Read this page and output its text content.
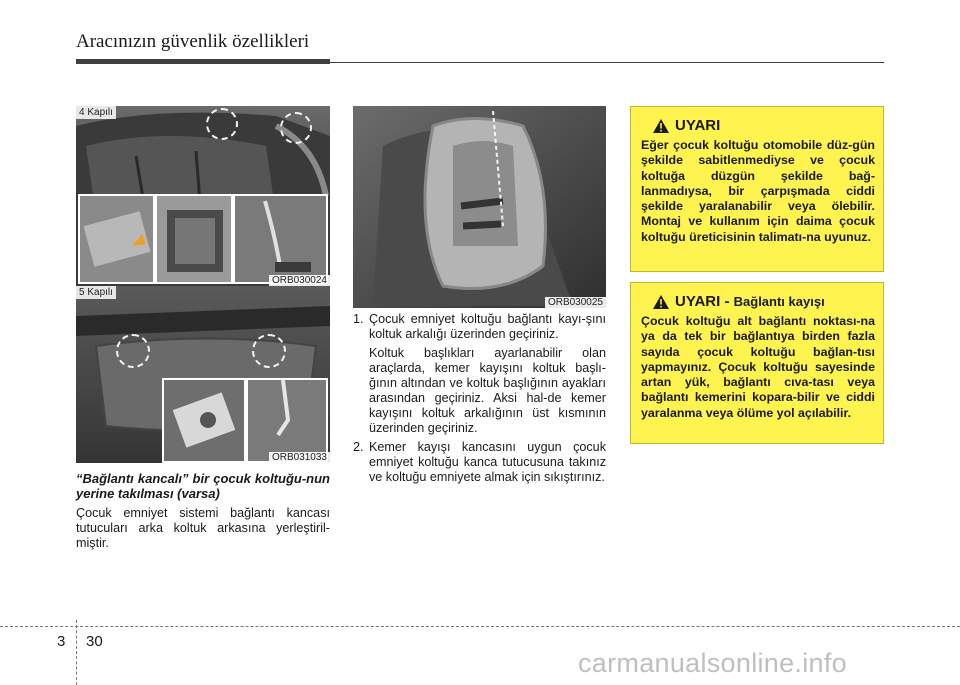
Aracınızın güvenlik özellikleri
4 Kapılı
ORB030024
5 Kapılı
ORB031033
ORB030025
“Bağlantı kancalı” bir çocuk koltuğu-nun yerine takılması (varsa)
Çocuk emniyet sistemi bağlantı kancası tutucuları arka koltuk arkasına yerleştiril-miştir.
1. Çocuk emniyet koltuğu bağlantı kayı-şını koltuk arkalığı üzerinden geçiriniz.

Koltuk başlıkları ayarlanabilir olan araçlarda, kemer kayışını koltuk başlı-ğının altından ve koltuk başlığının ayakları arasından geçiriniz. Aksi hal-de kemer kayışını koltuk arkalığının üst kısmının üzerinden geçiriniz.

2. Kemer kayışı kancasını uygun çocuk emniyet koltuğu kanca tutucusuna takınız ve koltuğu emniyete almak için sıkıştırınız.

UYARI
Eğer çocuk koltuğu otomobile düz-gün şekilde sabitlenmediyse ve çocuk koltuğa düzgün şekilde bağ-lanmadıysa, bir çarpışmada ciddi şekilde yaralanabilir veya ölebilir. Montaj ve kullanım için daima çocuk koltuğu üreticisinin talimatı-na uyunuz.
UYARI - Bağlantı kayışı
Çocuk koltuğu alt bağlantı noktası-na ya da tek bir bağlantıya birden fazla sayıda çocuk koltuğu bağlan-tısı yapmayınız. Çocuk koltuğu sayesinde artan yük, bağlantı cıva-tası veya bağlantı kemerini kopara-bilir ve ciddi yaralanma veya ölüme yol açılabilir.
3 30
carmanualsonline.info
